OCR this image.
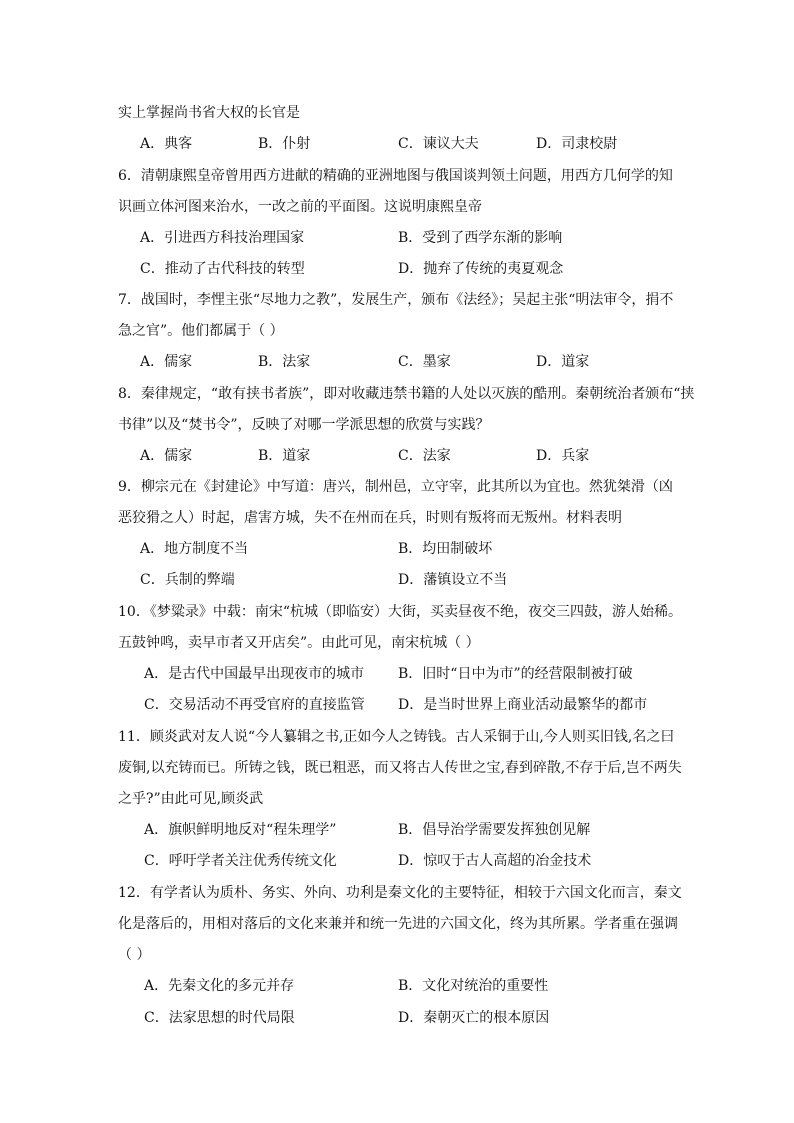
实上掌握尚书省大权的长官是
A．典客	B．仆射	C．谏议大夫	D．司隶校尉
6．清朝康熙皇帝曾用西方进献的精确的亚洲地图与俄国谈判领土问题，用西方几何学的知
识画立体河图来治水，一改之前的平面图。这说明康熙皇帝
A．引进西方科技治理国家	B．受到了西学东渐的影响
C．推动了古代科技的转型	D．抛弃了传统的夷夏观念
7．战国时，李悝主张“尽地力之教”，发展生产，颁布《法经》；吴起主张“明法审令，捐不
急之官”。他们都属于（ ）
A．儒家	B．法家	C．墨家	D．道家
8．秦律规定，“敢有挟书者族”，即对收藏违禁书籍的人处以灭族的酷刑。秦朝统治者颁布“挟
书律”以及“焚书令”，反映了对哪一学派思想的欣赏与实践？
A．儒家	B．道家	C．法家	D．兵家
9．柳宗元在《封建论》中写道：唐兴，制州邑，立守宰，此其所以为宜也。然犹桀滑（凶
恶狡猾之人）时起，虐害方城，失不在州而在兵，时则有叛将而无叛州。材料表明
A．地方制度不当	B．均田制破坏
C．兵制的弊端	D．藩镇设立不当
10．《梦粱录》中载：南宋“杭城（即临安）大街，买卖昼夜不绝，夜交三四鼓，游人始稀。
五鼓钟鸣，卖早市者又开店矣”。由此可见，南宋杭城（ ）
A．是古代中国最早出现夜市的城市 B．旧时“日中为市”的经营限制被打破
C．交易活动不再受官府的直接监管 D．是当时世界上商业活动最繁华的都市
11．顾炎武对友人说“今人纂辑之书,正如今人之铸钱。古人采铜于山,今人则买旧钱,名之曰
废铜,以充铸而已。所铸之钱，既已粗恶，而又将古人传世之宝,舂到碎散,不存于后,岂不两失
之乎?”由此可见,顾炎武
A．旗帜鲜明地反对“程朱理学”	B．倡导治学需要发挥独创见解
C．呼吁学者关注优秀传统文化	D．惊叹于古人高超的冶金技术
12．有学者认为质朴、务实、外向、功利是秦文化的主要特征，相较于六国文化而言，秦文
化是落后的，用相对落后的文化来兼并和统一先进的六国文化，终为其所累。学者重在强调
（ ）
A．先秦文化的多元并存	B．文化对统治的重要性
C．法家思想的时代局限	D．秦朝灭亡的根本原因
